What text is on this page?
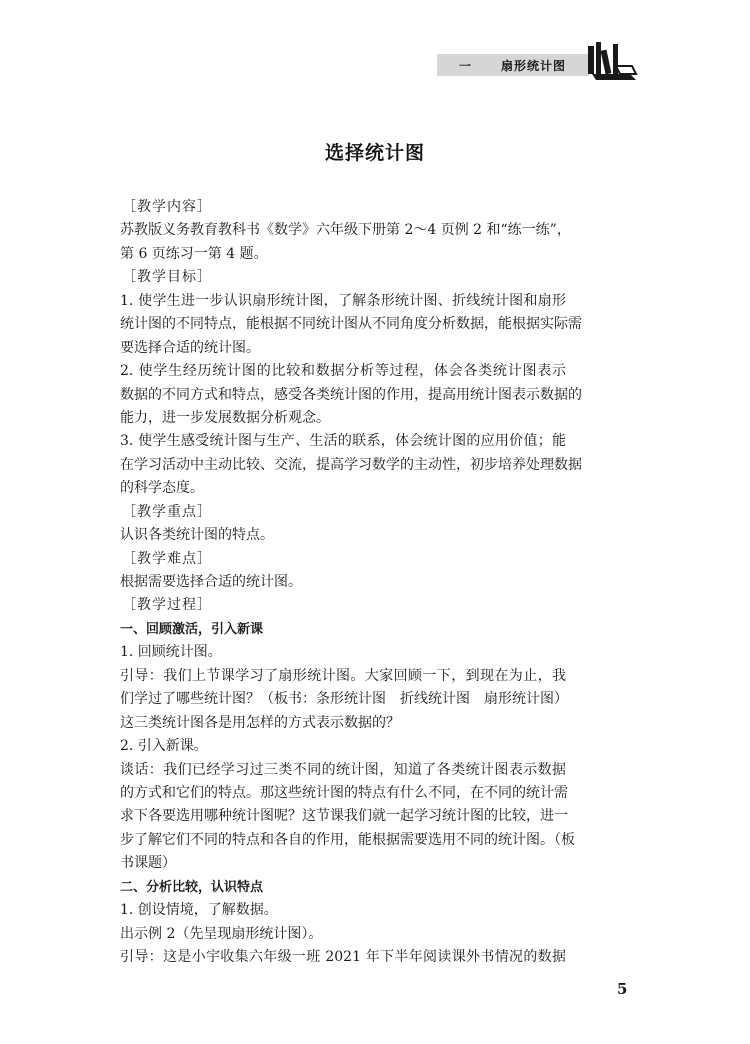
一	扇形统计图
选择统计图
［教学内容］
苏教版义务教育教科书《数学》六年级下册第 2～4 页例 2 和“练一练”，
第 6 页练习一第 4 题。
［教学目标］
1. 使学生进一步认识扇形统计图，了解条形统计图、折线统计图和扇形
统计图的不同特点，能根据不同统计图从不同角度分析数据，能根据实际需
要选择合适的统计图。
2. 使学生经历统计图的比较和数据分析等过程，体会各类统计图表示
数据的不同方式和特点，感受各类统计图的作用，提高用统计图表示数据的
能力，进一步发展数据分析观念。
3. 使学生感受统计图与生产、生活的联系，体会统计图的应用价值；能
在学习活动中主动比较、交流，提高学习数学的主动性，初步培养处理数据
的科学态度。
［教学重点］
认识各类统计图的特点。
［教学难点］
根据需要选择合适的统计图。
［教学过程］
一、回顾激活，引入新课
1. 回顾统计图。
引导：我们上节课学习了扇形统计图。大家回顾一下，到现在为止，我
们学过了哪些统计图？（板书：条形统计图　折线统计图　扇形统计图）
这三类统计图各是用怎样的方式表示数据的？
2. 引入新课。
谈话：我们已经学习过三类不同的统计图，知道了各类统计图表示数据
的方式和它们的特点。那这些统计图的特点有什么不同，在不同的统计需
求下各要选用哪种统计图呢？这节课我们就一起学习统计图的比较，进一
步了解它们不同的特点和各自的作用，能根据需要选用不同的统计图。（板
书课题）
二、分析比较，认识特点
1. 创设情境，了解数据。
出示例 2（先呈现扇形统计图）。
引导：这是小宇收集六年级一班 2021 年下半年阅读课外书情况的数据
5
